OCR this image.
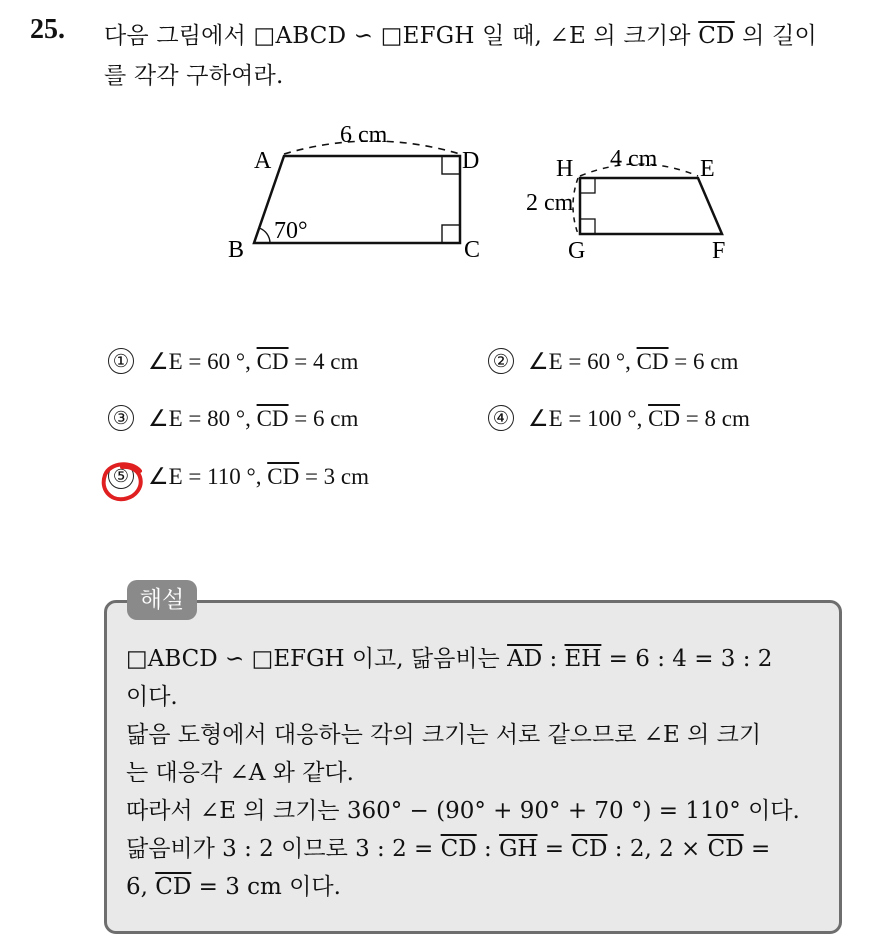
25. 다음 그림에서 □ABCD ∽ □EFGH 일 때, ∠E 의 크기와 $\overline{CD}$ 의 길이
를 각각 구하여라.
A	D
B	C
6 cm
70°
H	E
G	F
4 cm
2 cm
① ∠E = 60 °, $\overline{CD} = 4$ cm	② ∠E = 60 °, $\overline{CD} = 6$ cm
③ ∠E = 80 °, $\overline{CD} = 6$ cm	④ ∠E = 100 °, $\overline{CD} = 8$ cm
⑤ ∠E = 110 °, $\overline{CD} = 3$ cm
해설

□ABCD ∽ □EFGH 이고, 닮음비는 $\overline{AD}$ : $\overline{EH} = 6$ : 4 = 3 : 2

이다.

닮음 도형에서 대응하는 각의 크기는 서로 같으므로 ∠E 의 크기

는 대응각 ∠A 와 같다.

따라서 ∠E 의 크기는 360° − (90° + 90° + 70 °) = 110° 이다.

닮음비가 3 : 2 이므로 3 : $2 = \overline{CD}$ : $\overline{GH} = \overline{CD}$ : 2, $2 \times \overline{CD}$ =

6, $\overline{CD} = 3$ cm 이다.
